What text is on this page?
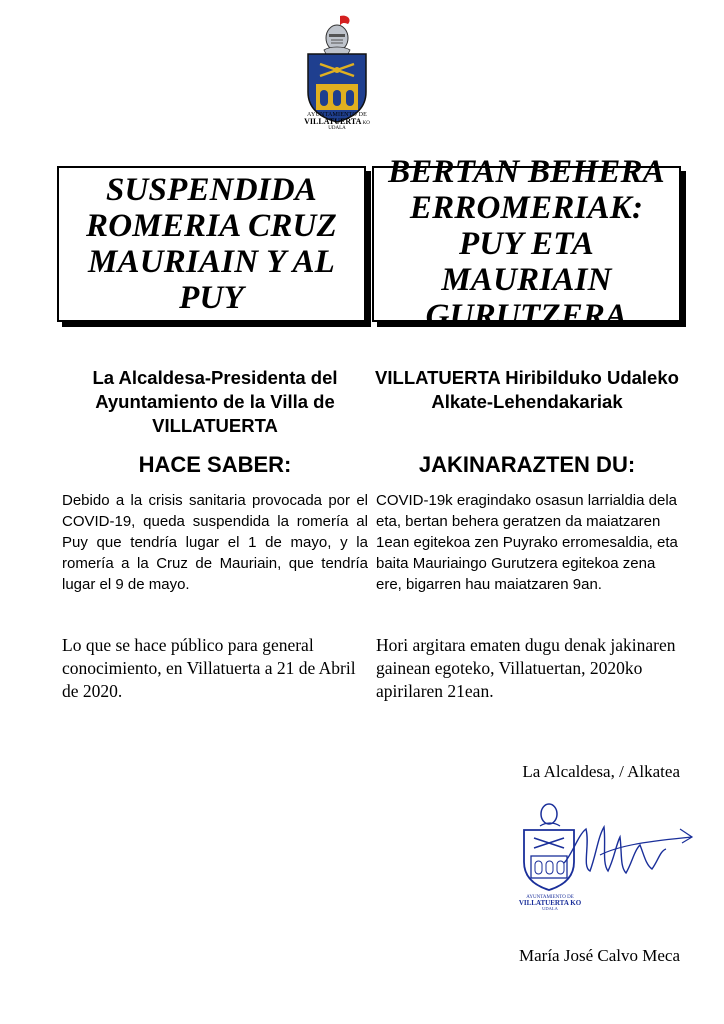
AYUNTAMIENTO DE
VILLATUERTA KO
UDALA
SUSPENDIDA ROMERIA CRUZ MAURIAIN Y AL PUY
BERTAN BEHERA ERROMERIAK: PUY ETA MAURIAIN GURUTZERA
La Alcaldesa-Presidenta del Ayuntamiento de la Villa de VILLATUERTA
VILLATUERTA Hiribilduko Udaleko Alkate-Lehendakariak
HACE SABER:	JAKINARAZTEN DU:
Debido a la crisis sanitaria provocada por el COVID-19, queda suspendida la romería al Puy que tendría lugar el 1 de mayo, y la romería a la Cruz de Mauriain, que tendría lugar el 9 de mayo.
COVID-19k eragindako osasun larrialdia dela eta, bertan behera geratzen da maiatzaren 1ean egitekoa zen Puyrako erromesaldia, eta baita Mauriaingo Gurutzera egitekoa zena ere, bigarren hau maiatzaren 9an.
Lo que se hace público para general conocimiento, en Villatuerta a 21 de Abril de 2020.
Hori argitara ematen dugu denak jakinaren gainean egoteko, Villatuertan, 2020ko apirilaren 21ean.
La Alcaldesa, / Alkatea
AYUNTAMIENTO DE
VILLATUERTA KO
UDALA
María José Calvo Meca
